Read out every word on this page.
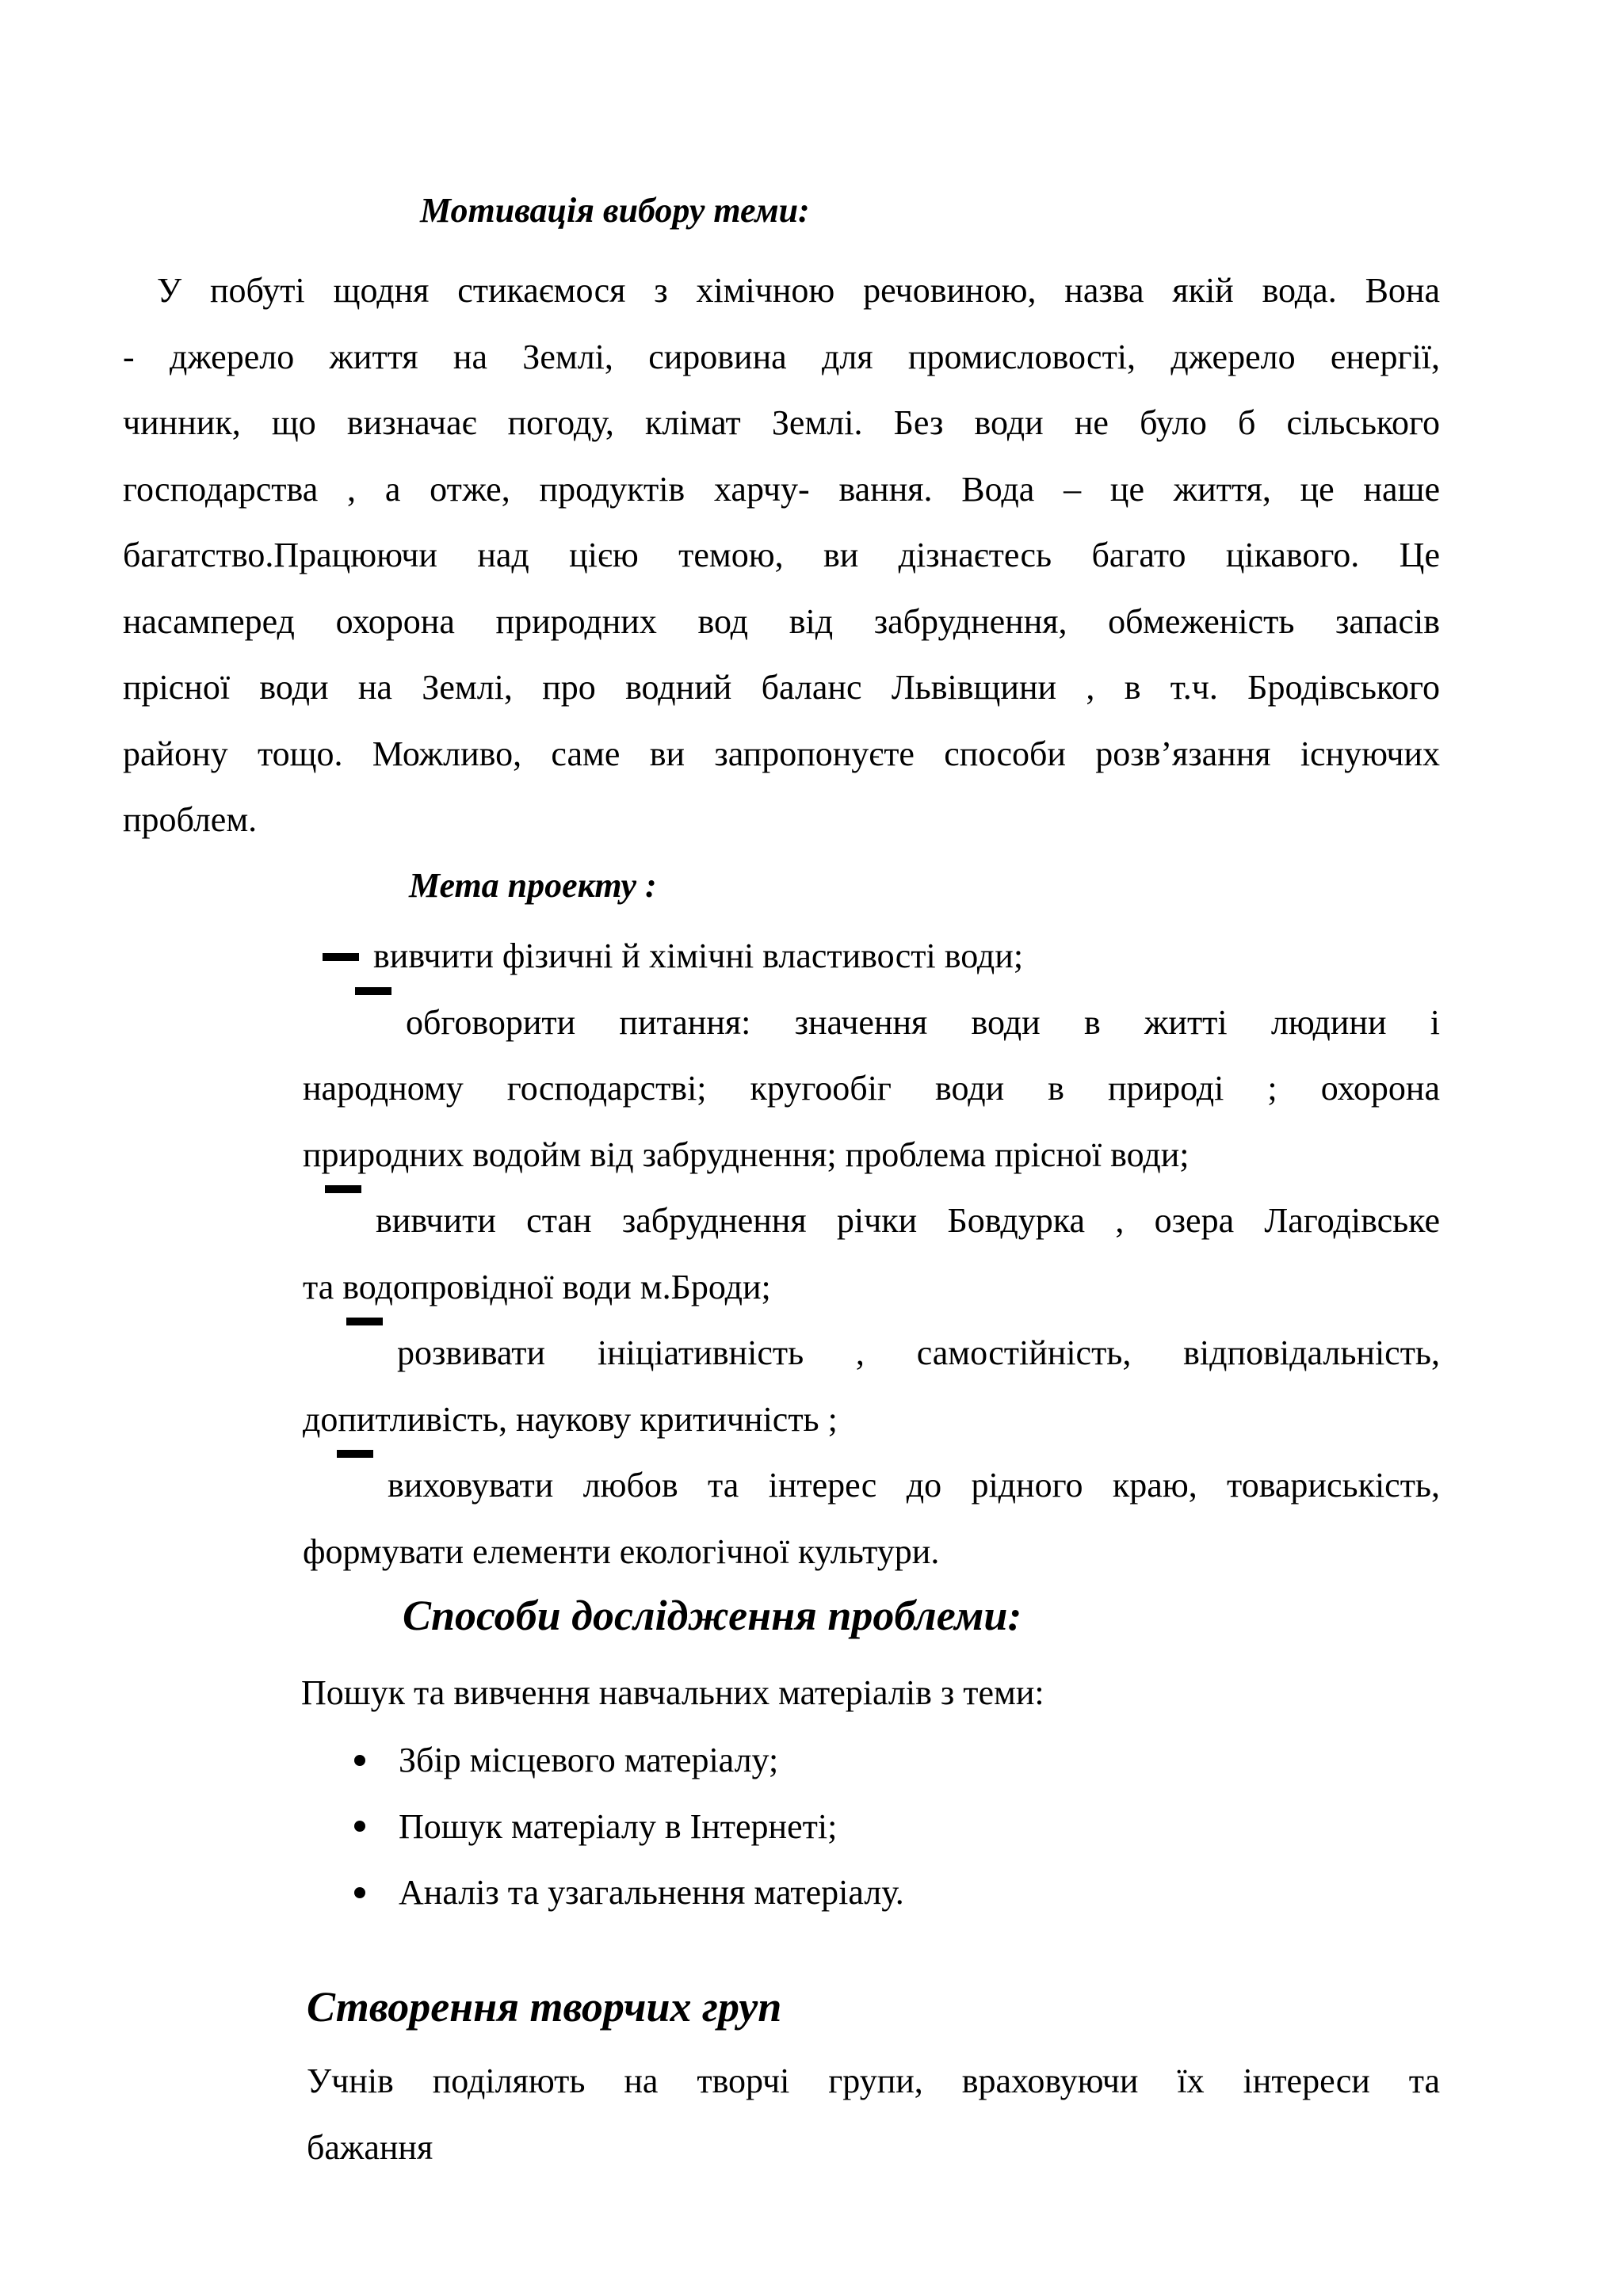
Мотивація вибору теми:
У побуті щодня стикаємося з хімічною речовиною, назва якій вода. Вона
- джерело життя на Землі, сировина для промисловості, джерело енергії,
чинник, що визначає погоду, клімат Землі. Без води не було б сільського
господарства , а отже, продуктів харчу- вання. Вода – це життя, це наше
багатство.Працюючи над цією темою, ви дізнаєтесь багато цікавого. Це
насамперед охорона природних вод від забруднення, обмеженість запасів
прісної води на Землі, про водний баланс Львівщини , в т.ч. Бродівського
району тощо. Можливо, саме ви запропонуєте способи розв’язання існуючих
проблем.
Мета проекту :
вивчити фізичні й хімічні властивості води;
обговорити питання: значення води в житті людини і
народному господарстві; кругообіг води в природі ; охорона
природних водойм від забруднення; проблема прісної води;
вивчити стан забруднення річки Бовдурка , озера Лагодівське
та водопровідної води м.Броди;
розвивати ініціативність , самостійність, відповідальність,
допитливість, наукову критичність ;
виховувати любов та інтерес до рідного краю, товариськість,
формувати елементи екологічної культури.
Способи дослідження проблеми:
Пошук та вивчення навчальних матеріалів з теми:
Збір місцевого матеріалу;
Пошук матеріалу в Інтернеті;
Аналіз та узагальнення матеріалу.
Створення творчих груп
Учнів поділяють на творчі групи, враховуючи їх інтереси та
бажання
